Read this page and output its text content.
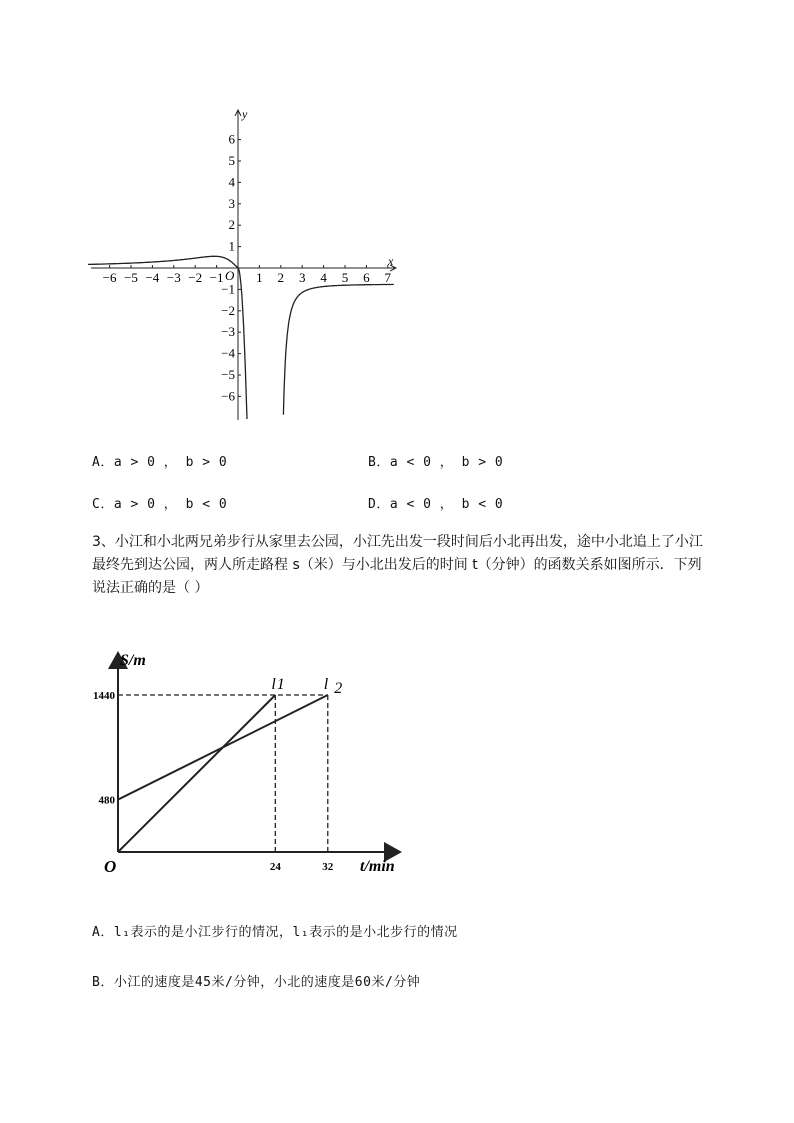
x
y
O
−6 −5 −4 −3 −2 −1	1 2 3 4 5 6 7
6
5
4
3
2
1
−1
−2
−3
−4
−5
−6
A．a > 0 ， b > 0	B．a < 0 ， b > 0
C．a > 0 ， b < 0	D．a < 0 ， b < 0
3、小江和小北两兄弟步行从家里去公园，小江先出发一段时间后小北再出发，途中小北追上了小江
最终先到达公园，两人所走路程 s（米）与小北出发后的时间 t（分钟）的函数关系如图所示．下列
说法正确的是（ ）
S/m
t/min
O
480
1440
24	32
l1 l 2
A．l₁表示的是小江步行的情况，l₁表示的是小北步行的情况
B．小江的速度是45米/分钟，小北的速度是60米/分钟
